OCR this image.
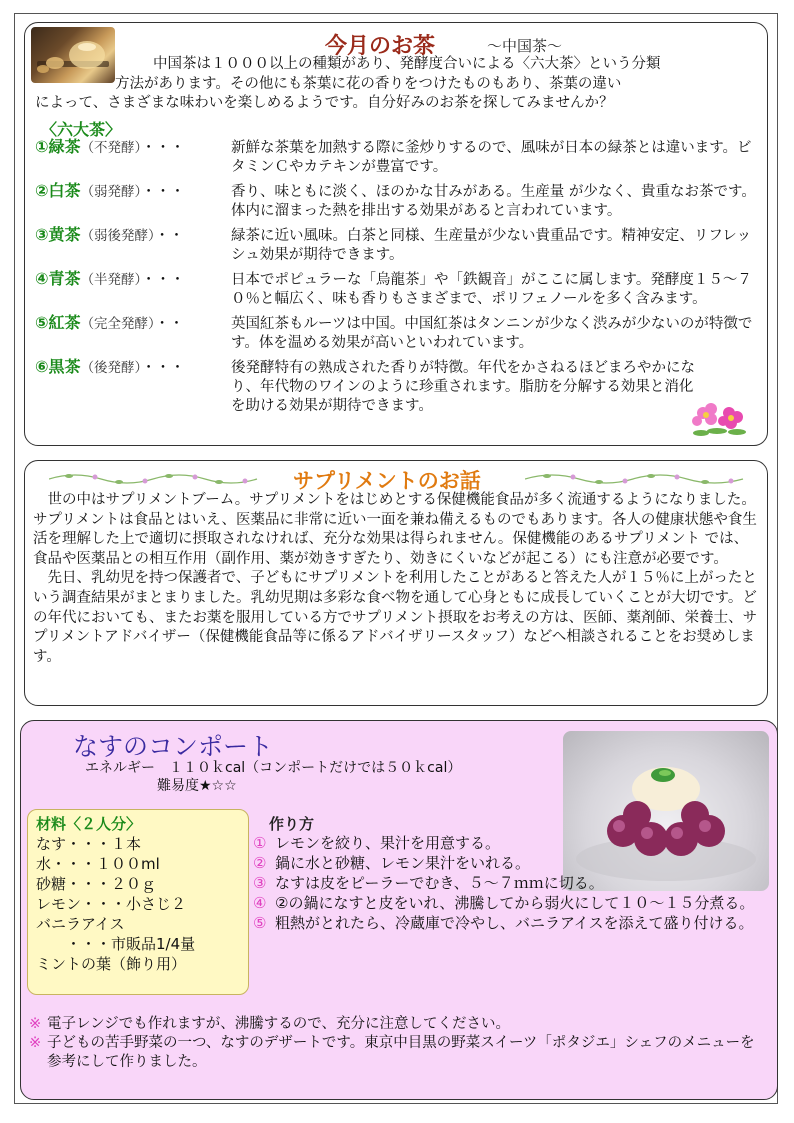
今月のお茶	～中国茶～
中国茶は１０００以上の種類があり、発酵度合いによる〈六大茶〉という分類
方法があります。その他にも茶葉に花の香りをつけたものもあり、茶葉の違い
によって、さまざまな味わいを楽しめるようです。自分好みのお茶を探してみませんか？
〈六大茶〉
①緑茶（不発酵）・・・	新鮮な茶葉を加熱する際に釜炒りするので、風味が日本の緑茶とは違います。ビタミンＣやカテキンが豊富です。
②白茶（弱発酵）・・・	香り、味ともに淡く、ほのかな甘みがある。生産量 が少なく、貴重なお茶です。体内に溜まった熱を排出する効果があると言われています。
③黄茶（弱後発酵）・・	緑茶に近い風味。白茶と同様、生産量が少ない貴重品です。精神安定、リフレッシュ効果が期待できます。
④青茶（半発酵）・・・	日本でポピュラーな「烏龍茶」や「鉄観音」がここに属します。発酵度１５～７０％と幅広く、味も香りもさまざまで、ポリフェノールを多く含みます。
⑤紅茶（完全発酵）・・	英国紅茶もルーツは中国。中国紅茶はタンニンが少なく渋みが少ないのが特徴です。体を温める効果が高いといわれています。
⑥黒茶（後発酵）・・・	後発酵特有の熟成された香りが特徴。年代をかさねるほどまろやかになり、年代物のワインのように珍重されます。脂肪を分解する効果と消化を助ける効果が期待できます。
サプリメントのお話

世の中はサプリメントブーム。サプリメントをはじめとする保健機能食品が多く流通するようになりました。サプリメントは食品とはいえ、医薬品に非常に近い一面を兼ね備えるものでもあります。各人の健康状態や食生活を理解した上で適切に摂取されなければ、充分な効果は得られません。保健機能のあるサプリメント では、食品や医薬品との相互作用（副作用、薬が効きすぎたり、効きにくいなどが起こる）にも注意が必要です。

先日、乳幼児を持つ保護者で、子どもにサプリメントを利用したことがあると答えた人が１５％に上がったという調査結果がまとまりました。乳幼児期は多彩な食べ物を通して心身ともに成長していくことが大切です。どの年代においても、またお薬を服用している方でサプリメント摂取をお考えの方は、医師、薬剤師、栄養士、サプリメントアドバイザー（保健機能食品等に係るアドバイザリースタッフ）などへ相談されることをお奨めします。

なすのコンポート
エネルギー　１１０ｋcal（コンポートだけでは５０ｋcal）
難易度★☆☆
材料〈２人分〉
なす・・・１本
水・・・１００ml
砂糖・・・２０ｇ
レモン・・・小さじ２
バニラアイス
　　・・・市販品1/4量
ミントの葉（飾り用）
作り方
① レモンを絞り、果汁を用意する。
② 鍋に水と砂糖、レモン果汁をいれる。
③ なすは皮をピーラーでむき、５～７ｍｍに切る。
④ ②の鍋になすと皮をいれ、沸騰してから弱火にして１０～１５分煮る。
⑤ 粗熱がとれたら、冷蔵庫で冷やし、バニラアイスを添えて盛り付ける。
※ 電子レンジでも作れますが、沸騰するので、充分に注意してください。
※ 子どもの苦手野菜の一つ、なすのデザートです。東京中目黒の野菜スイーツ「ポタジエ」シェフのメニューを参考にして作りました。
